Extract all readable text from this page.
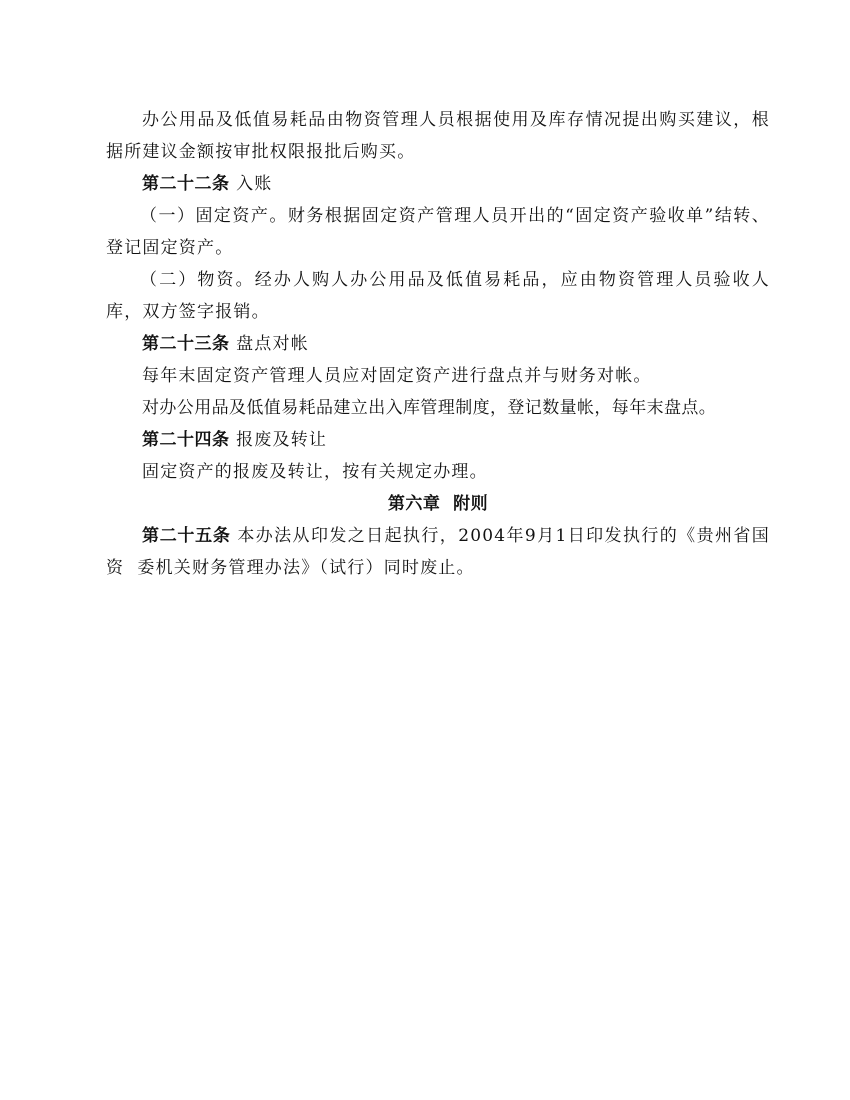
办公用品及低值易耗品由物资管理人员根据使用及库存情况提出购买建议，根据所建议金额按审批权限报批后购买。

第二十二条 入账

（一）固定资产。财务根据固定资产管理人员开出的“固定资产验收单”结转、登记固定资产。

（二）物资。经办人购人办公用品及低值易耗品，应由物资管理人员验收人库，双方签字报销。

第二十三条 盘点对帐

每年末固定资产管理人员应对固定资产进行盘点并与财务对帐。

对办公用品及低值易耗品建立出入库管理制度，登记数量帐，每年末盘点。

第二十四条 报废及转让

固定资产的报废及转让，按有关规定办理。

第六章  附则

第二十五条 本办法从印发之日起执行，2004年9月1日印发执行的《贵州省国资  委机关财务管理办法》（试行）同时废止。
